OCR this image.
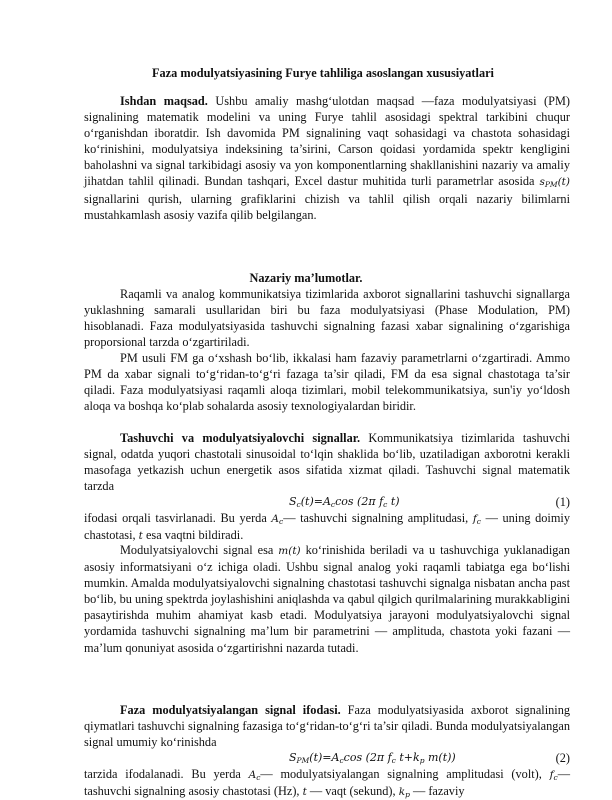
Faza modulyatsiyasining Furye tahliliga asoslangan xususiyatlari

Ishdan maqsad. Ushbu amaliy mashg‘ulotdan maqsad —faza modulyatsiyasi (PM) signalining matematik modelini va uning Furye tahlil asosidagi spektral tarkibini chuqur o‘rganishdan iboratdir. Ish davomida PM signalining vaqt sohasidagi va chastota sohasidagi ko‘rinishini, modulyatsiya indeksining ta’sirini, Carson qoidasi yordamida spektr kengligini baholashni va signal tarkibidagi asosiy va yon komponentlarning shakllanishini nazariy va amaliy jihatdan tahlil qilinadi. Bundan tashqari, Excel dastur muhitida turli parametrlar asosida $s_{PM}(t)$ signallarini qurish, ularning grafiklarini chizish va tahlil qilish orqali nazariy bilimlarni mustahkamlash asosiy vazifa qilib belgilangan.

Nazariy ma’lumotlar.

Raqamli va analog kommunikatsiya tizimlarida axborot signallarini tashuvchi signallarga yuklashning samarali usullaridan biri bu faza modulyatsiyasi (Phase Modulation, PM) hisoblanadi. Faza modulyatsiyasida tashuvchi signalning fazasi xabar signalining o‘zgarishiga proporsional tarzda o‘zgartiriladi.

PM usuli FM ga o‘xshash bo‘lib, ikkalasi ham fazaviy parametrlarni o‘zgartiradi. Ammo PM da xabar signali to‘g‘ridan-to‘g‘ri fazaga ta’sir qiladi, FM da esa signal chastotaga ta’sir qiladi. Faza modulyatsiyasi raqamli aloqa tizimlari, mobil telekommunikatsiya, sun'iy yo‘ldosh aloqa va boshqa ko‘plab sohalarda asosiy texnologiyalardan biridir.

Tashuvchi va modulyatsiyalovchi signallar. Kommunikatsiya tizimlarida tashuvchi signal, odatda yuqori chastotali sinusoidal to‘lqin shaklida bo‘lib, uzatiladigan axborotni kerakli masofaga yetkazish uchun energetik asos sifatida xizmat qiladi. Tashuvchi signal matematik tarzda

$S_c(t)=A_c\cos$ (2π $f_c$ t)	(1)

ifodasi orqali tasvirlanadi. Bu yerda $A_c—$ tashuvchi signalning amplitudasi, $f_c$ — uning doimiy chastotasi, t esa vaqtni bildiradi.

Modulyatsiyalovchi signal esa m(t) ko‘rinishida beriladi va u tashuvchiga yuklanadigan asosiy informatsiyani o‘z ichiga oladi. Ushbu signal analog yoki raqamli tabiatga ega bo‘lishi mumkin. Amalda modulyatsiyalovchi signalning chastotasi tashuvchi signalga nisbatan ancha past bo‘lib, bu uning spektrda joylashishini aniqlashda va qabul qilgich qurilmalarining murakkabligini pasaytirishda muhim ahamiyat kasb etadi. Modulyatsiya jarayoni modulyatsiyalovchi signal yordamida tashuvchi signalning ma’lum bir parametrini — amplituda, chastota yoki fazani — ma’lum qonuniyat asosida o‘zgartirishni nazarda tutadi.

Faza modulyatsiyalangan signal ifodasi. Faza modulyatsiyasida axborot signalining qiymatlari tashuvchi signalning fazasiga to‘g‘ridan-to‘g‘ri ta’sir qiladi. Bunda modulyatsiyalangan signal umumiy ko‘rinishda

$S_{PM}(t)=A_c\cos$ (2π $f_c$ $t+k_p$ m(t))	(2)

tarzida ifodalanadi. Bu yerda $A_c—$ modulyatsiyalangan signalning amplitudasi (volt), $f_c—$ tashuvchi signalning asosiy chastotasi (Hz), t — vaqt (sekund), $k_p$ — fazaviy
